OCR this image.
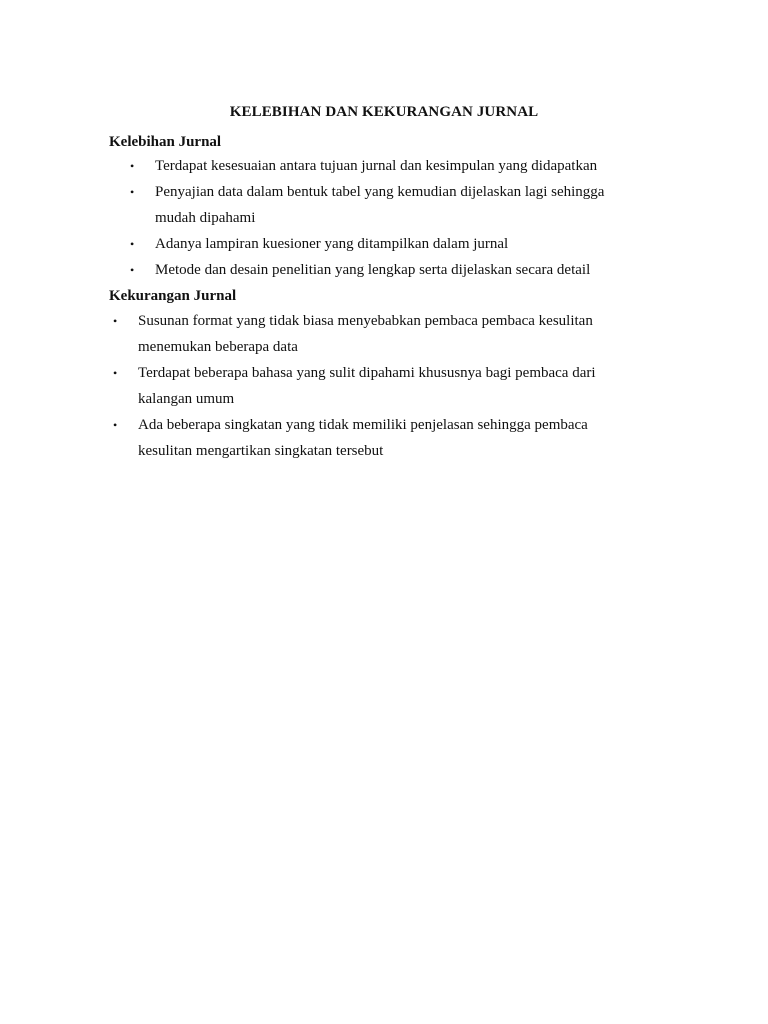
KELEBIHAN DAN KEKURANGAN JURNAL
Kelebihan Jurnal
• Terdapat kesesuaian antara tujuan jurnal dan kesimpulan yang didapatkan
• Penyajian data dalam bentuk tabel yang kemudian dijelaskan lagi sehingga mudah dipahami
• Adanya lampiran kuesioner yang ditampilkan dalam jurnal
• Metode dan desain penelitian yang lengkap serta dijelaskan secara detail
Kekurangan Jurnal
• Susunan format yang tidak biasa menyebabkan pembaca pembaca kesulitan menemukan beberapa data
• Terdapat beberapa bahasa yang sulit dipahami khususnya bagi pembaca dari kalangan umum
• Ada beberapa singkatan yang tidak memiliki penjelasan sehingga pembaca kesulitan mengartikan singkatan tersebut
